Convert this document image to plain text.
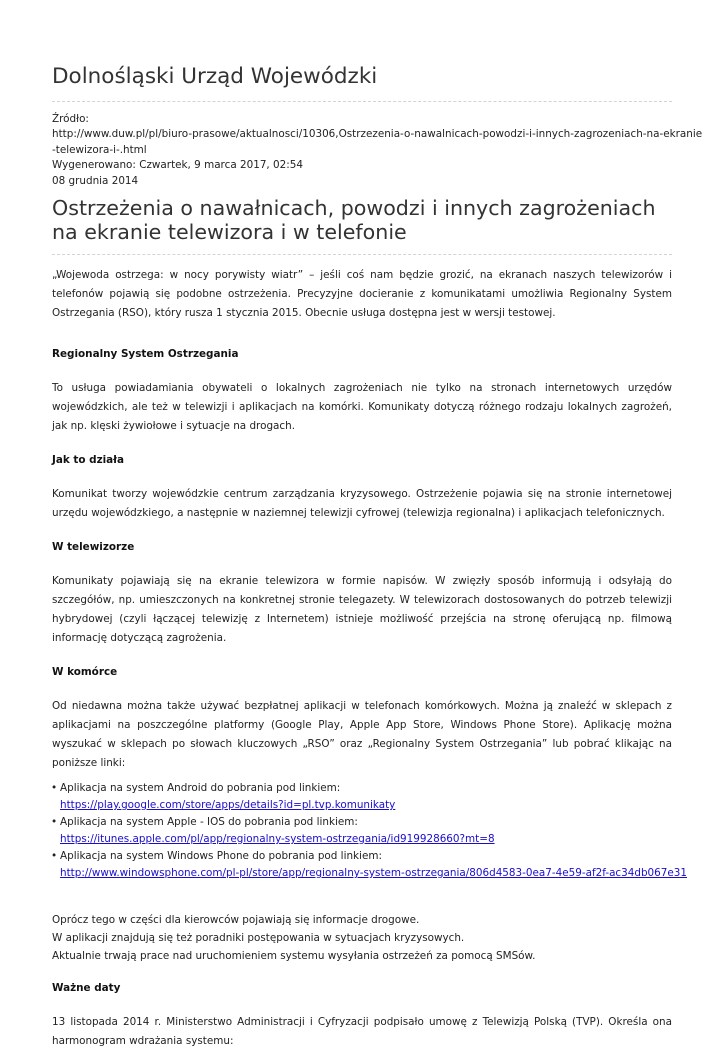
Dolnośląski Urząd Wojewódzki
Źródło:
http://www.duw.pl/pl/biuro-prasowe/aktualnosci/10306,Ostrzezenia-o-nawalnicach-powodzi-i-innych-zagrozeniach-na-ekranie
-telewizora-i-.html
Wygenerowano: Czwartek, 9 marca 2017, 02:54
08 grudnia 2014
Ostrzeżenia o nawałnicach, powodzi i innych zagrożeniach na ekranie telewizora i w telefonie

„Wojewoda ostrzega: w nocy porywisty wiatr” – jeśli coś nam będzie grozić, na ekranach naszych telewizorów i telefonów pojawią się podobne ostrzeżenia. Precyzyjne docieranie z komunikatami umożliwia Regionalny System Ostrzegania (RSO), który rusza 1 stycznia 2015. Obecnie usługa dostępna jest w wersji testowej.

Regionalny System Ostrzegania

To usługa powiadamiania obywateli o lokalnych zagrożeniach nie tylko na stronach internetowych urzędów wojewódzkich, ale też w telewizji i aplikacjach na komórki. Komunikaty dotyczą różnego rodzaju lokalnych zagrożeń, jak np. klęski żywiołowe i sytuacje na drogach.

Jak to działa

Komunikat tworzy wojewódzkie centrum zarządzania kryzysowego. Ostrzeżenie pojawia się na stronie internetowej urzędu wojewódzkiego, a następnie w naziemnej telewizji cyfrowej (telewizja regionalna) i aplikacjach telefonicznych.

W telewizorze

Komunikaty pojawiają się na ekranie telewizora w formie napisów. W zwięzły sposób informują i odsyłają do szczegółów, np. umieszczonych na konkretnej stronie telegazety. W telewizorach dostosowanych do potrzeb telewizji hybrydowej (czyli łączącej telewizję z Internetem) istnieje możliwość przejścia na stronę oferującą np. filmową informację dotyczącą zagrożenia.

W komórce

Od niedawna można także używać bezpłatnej aplikacji w telefonach komórkowych. Można ją znaleźć w sklepach z aplikacjami na poszczególne platformy (Google Play, Apple App Store, Windows Phone Store). Aplikację można wyszukać w sklepach po słowach kluczowych „RSO” oraz „Regionalny System Ostrzegania” lub pobrać klikając na poniższe linki:

• Aplikacja na system Android do pobrania pod linkiem: https://play.google.com/store/apps/details?id=pl.tvp.komunikaty
• Aplikacja na system Apple - IOS do pobrania pod linkiem:
https://itunes.apple.com/pl/app/regionalny-system-ostrzegania/id919928660?mt=8
• Aplikacja na system Windows Phone do pobrania pod linkiem:
http://www.windowsphone.com/pl-pl/store/app/regionalny-system-ostrzegania/806d4583-0ea7-4e59-af2f-ac34db067e31
Oprócz tego w części dla kierowców pojawiają się informacje drogowe.
W aplikacji znajdują się też poradniki postępowania w sytuacjach kryzysowych.
Aktualnie trwają prace nad uruchomieniem systemu wysyłania ostrzeżeń za pomocą SMSów.
Ważne daty

13 listopada 2014 r. Ministerstwo Administracji i Cyfryzacji podpisało umowę z Telewizją Polską (TVP). Określa ona harmonogram wdrażania systemu:
